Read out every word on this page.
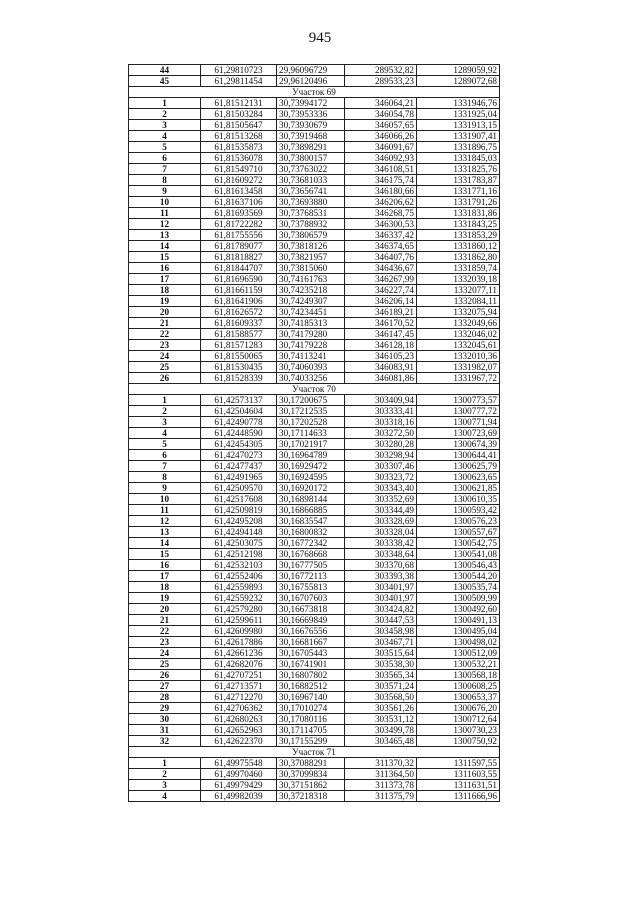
945
44	61,29810723	29,96096729	289532,82	1289059,92
45	61,29811454	29,96120496	289533,23	1289072,68
Участок 69				
1	61,81512131	30,73994172	346064,21	1331946,76
2	61,81503284	30,73953336	346054,78	1331925,04
3	61,81505647	30,73930679	346057,65	1331913,15
4	61,81513268	30,73919468	346066,26	1331907,41
5	61,81535873	30,73898291	346091,67	1331896,75
6	61,81536078	30,73800157	346092,93	1331845,03
7	61,81549710	30,73763022	346108,51	1331825,76
8	61,81609272	30,73681033	346175,74	1331783,87
9	61,81613458	30,73656741	346180,66	1331771,16
10	61,81637106	30,73693880	346206,62	1331791,26
11	61,81693569	30,73768531	346268,75	1331831,86
12	61,81722282	30,73788932	346300,53	1331843,25
13	61,81755556	30,73806579	346337,42	1331853,29
14	61,81789077	30,73818126	346374,65	1331860,12
15	61,81818827	30,73821957	346407,76	1331862,80
16	61,81844707	30,73815060	346436,67	1331859,74
17	61,81696590	30,74161763	346267,99	1332039,18
18	61,81661159	30,74235218	346227,74	1332077,11
19	61,81641906	30,74249307	346206,14	1332084,11
20	61,81626572	30,74234451	346189,21	1332075,94
21	61,81609337	30,74185313	346170,52	1332049,66
22	61,81588577	30,74179280	346147,45	1332046,02
23	61,81571283	30,74179228	346128,18	1332045,61
24	61,81550065	30,74113241	346105,23	1332010,36
25	61,81530435	30,74060393	346083,91	1331982,07
26	61,81528339	30,74033256	346081,86	1331967,72
Участок 70				
1	61,42573137	30,17200675	303409,94	1300773,57
2	61,42504604	30,17212535	303333,41	1300777,72
3	61,42490778	30,17202528	303318,16	1300771,94
4	61,42448590	30,17114633	303272,50	1300723,69
5	61,42454305	30,17021917	303280,28	1300674,39
6	61,42470273	30,16964789	303298,94	1300644,41
7	61,42477437	30,16929472	303307,46	1300625,79
8	61,42491965	30,16924595	303323,72	1300623,65
9	61,42509570	30,16920172	303343,40	1300621,85
10	61,42517608	30,16898144	303352,69	1300610,35
11	61,42509819	30,16866885	303344,49	1300593,42
12	61,42495208	30,16835547	303328,69	1300576,23
13	61,42494148	30,16800832	303328,04	1300557,67
14	61,42503075	30,16772342	303338,42	1300542,75
15	61,42512198	30,16768668	303348,64	1300541,08
16	61,42532103	30,16777505	303370,68	1300546,43
17	61,42552406	30,16772113	303393,38	1300544,20
18	61,42559893	30,16755813	303401,97	1300535,74
19	61,42559232	30,16707603	303401,97	1300509,99
20	61,42579280	30,16673818	303424,82	1300492,60
21	61,42599611	30,16669849	303447,53	1300491,13
22	61,42609980	30,16676556	303458,98	1300495,04
23	61,42617886	30,16681667	303467,71	1300498,02
24	61,42661236	30,16705443	303515,64	1300512,09
25	61,42682076	30,16741901	303538,30	1300532,21
26	61,42707251	30,16807802	303565,34	1300568,18
27	61,42713571	30,16882512	303571,24	1300608,25
28	61,42712270	30,16967140	303568,50	1300653,37
29	61,42706362	30,17010274	303561,26	1300676,20
30	61,42680263	30,17080116	303531,12	1300712,64
31	61,42652963	30,17114705	303499,78	1300730,23
32	61,42622370	30,17155299	303465,48	1300750,92
Участок 71				
1	61,49975548	30,37088291	311370,32	1311597,55
2	61,49970460	30,37099834	311364,50	1311603,55
3	61,49979429	30,37151862	311373,78	1311631,51
4	61,49982039	30,37218318	311375,79	1311666,96
